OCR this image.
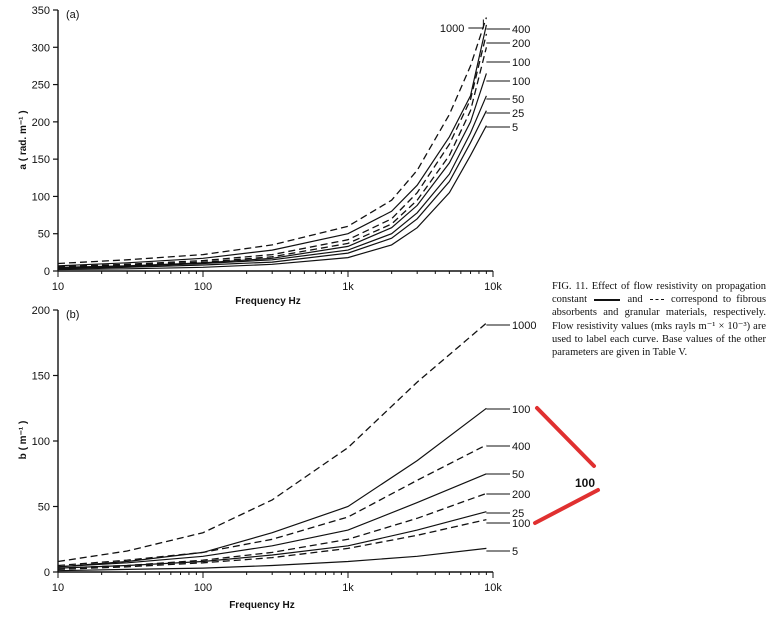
0
50
100
150
200
250
300
350
10	100	1k	10k
Frequency Hz
a ( rad. m⁻¹ )
(a)
1000	400
200
100
100
50
25
5
0
50
100
150
200
10	100	1k	10k
Frequency Hz
b ( m⁻¹ )
(b)
1000
100
400
50
200
25
100
5
100
FIG. 11. Effect of flow resistivity on propagation constant	and	correspond to fibrous absorbents and granular materials, respectively. Flow resistivity values (mks rayls m⁻¹ × 10⁻³) are used to label each curve. Base values of the other parameters are given in Table V.
